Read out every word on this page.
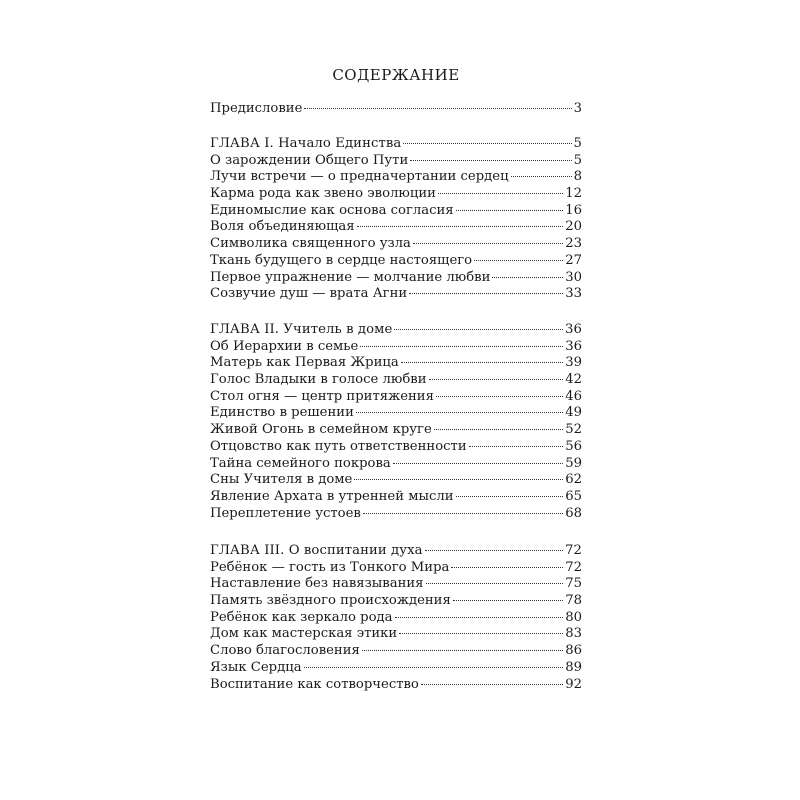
СОДЕРЖАНИЕ
Предисловие	3
ГЛАВА I. Начало Единства	5
О зарождении Общего Пути	5
Лучи встречи — о предначертании сердец	8
Карма рода как звено эволюции	12
Единомыслие как основа согласия	16
Воля объединяющая	20
Символика священного узла	23
Ткань будущего в сердце настоящего	27
Первое упражнение — молчание любви	30
Созвучие душ — врата Агни	33
ГЛАВА II. Учитель в доме	36
Об Иерархии в семье	36
Матерь как Первая Жрица	39
Голос Владыки в голосе любви	42
Стол огня — центр притяжения	46
Единство в решении	49
Живой Огонь в семейном круге	52
Отцовство как путь ответственности	56
Тайна семейного покрова	59
Сны Учителя в доме	62
Явление Архата в утренней мысли	65
Переплетение устоев	68
ГЛАВА III. О воспитании духа	72
Ребёнок — гость из Тонкого Мира	72
Наставление без навязывания	75
Память звёздного происхождения	78
Ребёнок как зеркало рода	80
Дом как мастерская этики	83
Слово благословения	86
Язык Сердца	89
Воспитание как сотворчество	92
